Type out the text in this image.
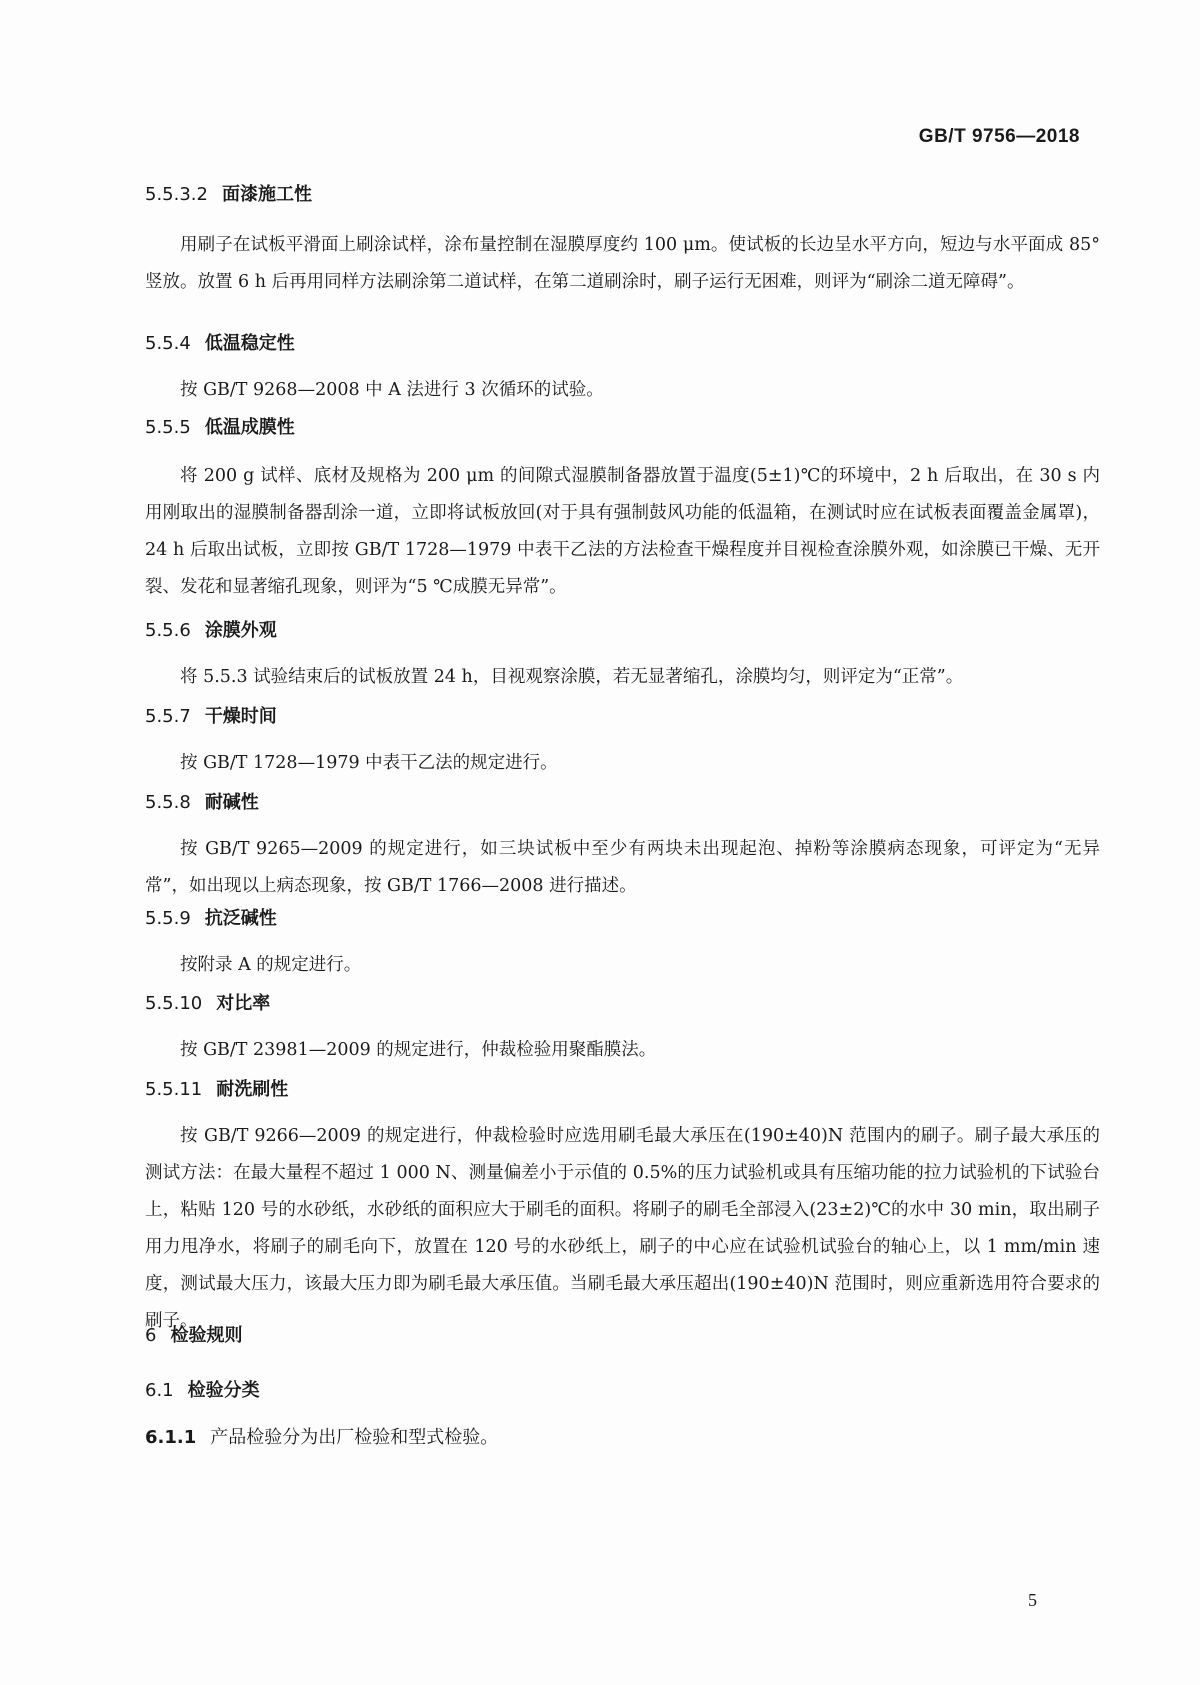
GB/T 9756—2018
5.5.3.2 面漆施工性

用刷子在试板平滑面上刷涂试样，涂布量控制在湿膜厚度约 100 μm。使试板的长边呈水平方向，短边与水平面成 85°竖放。放置 6 h 后再用同样方法刷涂第二道试样，在第二道刷涂时，刷子运行无困难，则评为“刷涂二道无障碍”。

5.5.4 低温稳定性

按 GB/T 9268—2008 中 A 法进行 3 次循环的试验。

5.5.5 低温成膜性

将 200 g 试样、底材及规格为 200 μm 的间隙式湿膜制备器放置于温度(5±1)℃的环境中，2 h 后取出，在 30 s 内用刚取出的湿膜制备器刮涂一道，立即将试板放回(对于具有强制鼓风功能的低温箱，在测试时应在试板表面覆盖金属罩)，24 h 后取出试板，立即按 GB/T 1728—1979 中表干乙法的方法检查干燥程度并目视检查涂膜外观，如涂膜已干燥、无开裂、发花和显著缩孔现象，则评为“5 ℃成膜无异常”。

5.5.6 涂膜外观

将 5.5.3 试验结束后的试板放置 24 h，目视观察涂膜，若无显著缩孔，涂膜均匀，则评定为“正常”。

5.5.7 干燥时间

按 GB/T 1728—1979 中表干乙法的规定进行。

5.5.8 耐碱性

按 GB/T 9265—2009 的规定进行，如三块试板中至少有两块未出现起泡、掉粉等涂膜病态现象，可评定为“无异常”，如出现以上病态现象，按 GB/T 1766—2008 进行描述。

5.5.9 抗泛碱性

按附录 A 的规定进行。

5.5.10 对比率

按 GB/T 23981—2009 的规定进行，仲裁检验用聚酯膜法。

5.5.11 耐洗刷性

按 GB/T 9266—2009 的规定进行，仲裁检验时应选用刷毛最大承压在(190±40)N 范围内的刷子。刷子最大承压的测试方法：在最大量程不超过 1 000 N、测量偏差小于示值的 0.5%的压力试验机或具有压缩功能的拉力试验机的下试验台上，粘贴 120 号的水砂纸，水砂纸的面积应大于刷毛的面积。将刷子的刷毛全部浸入(23±2)℃的水中 30 min，取出刷子用力甩净水，将刷子的刷毛向下，放置在 120 号的水砂纸上，刷子的中心应在试验机试验台的轴心上，以 1 mm/min 速度，测试最大压力，该最大压力即为刷毛最大承压值。当刷毛最大承压超出(190±40)N 范围时，则应重新选用符合要求的刷子。

6 检验规则
6.1 检验分类
6.1.1 产品检验分为出厂检验和型式检验。
5
